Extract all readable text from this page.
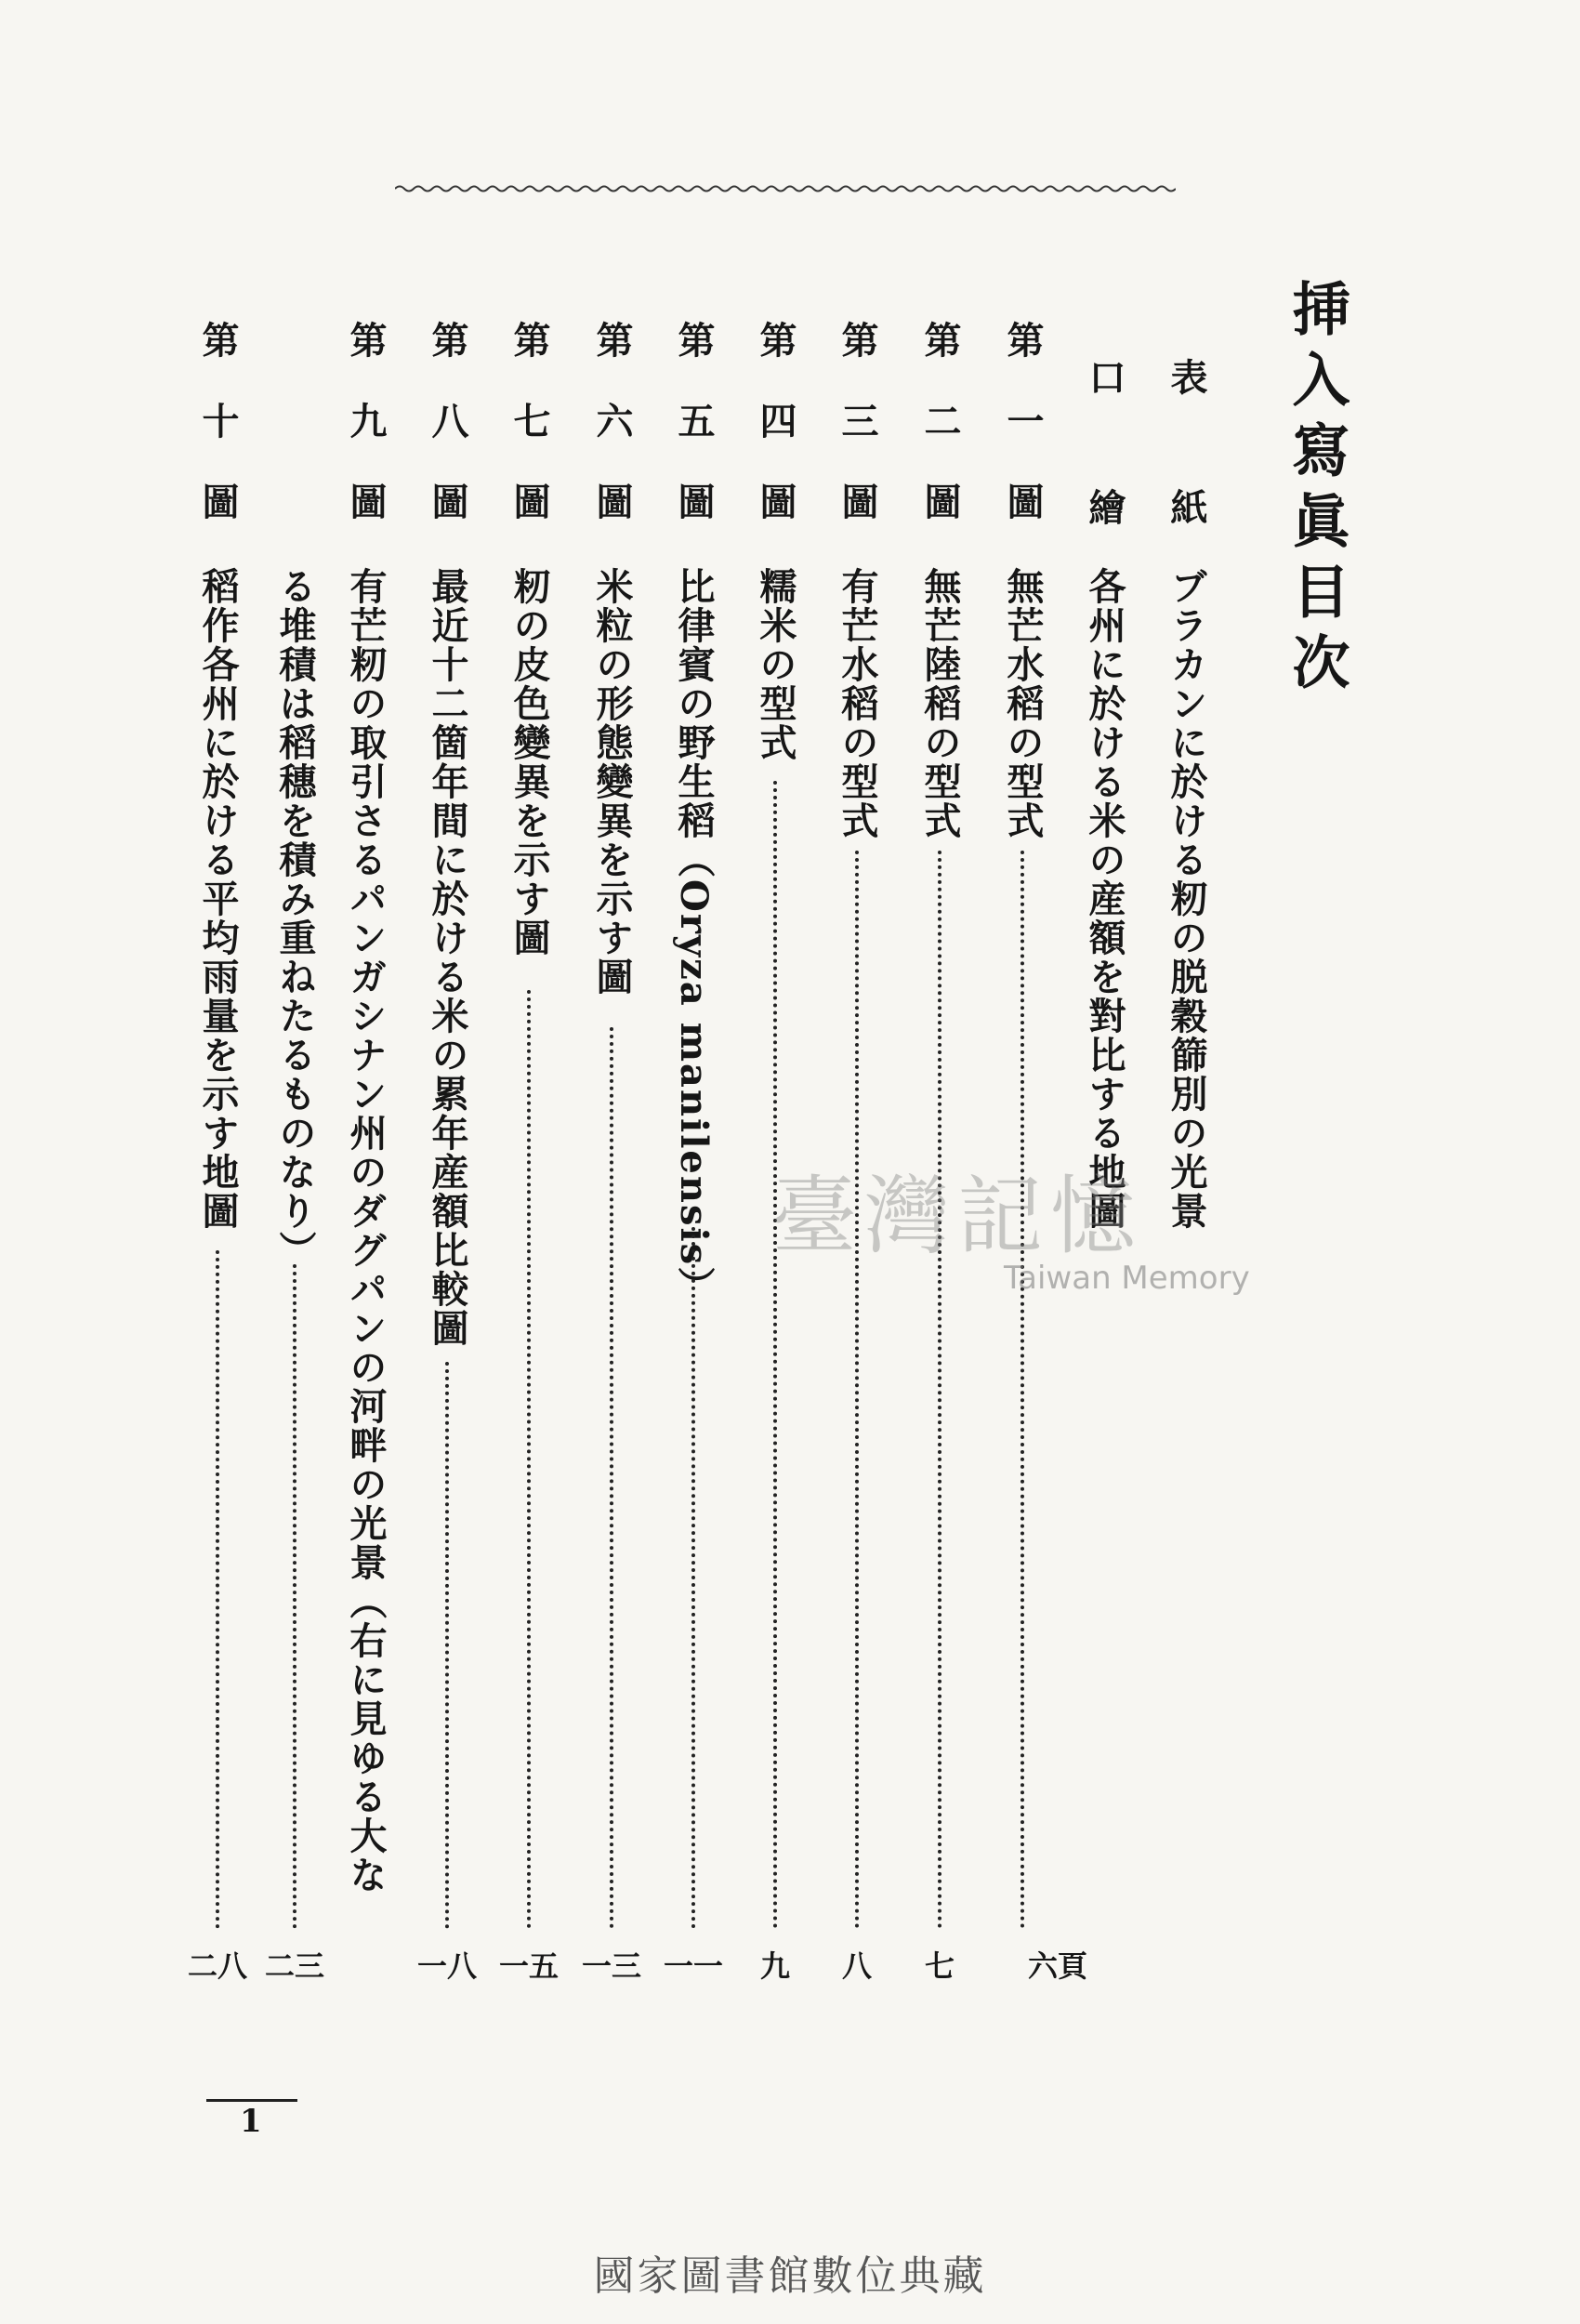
挿入寫眞目次
表紙
ブラカンに於ける籾の脱穀篩別の光景
口繪
各州に於ける米の産額を對比する地圖
第一圖
無芒水稻の型式
六頁
第二圖
無芒陸稻の型式
七
第三圖
有芒水稻の型式
八
第四圖
糯米の型式
九
第五圖
比律賓の野生稻（Oryza manilensis）
一一
第六圖
米粒の形態變異を示す圖
一三
第七圖
籾の皮色變異を示す圖
一五
第八圖
最近十二箇年間に於ける米の累年産額比較圖
一八
第九圖
有芒籾の取引さるパンガシナン州のダグパンの河畔の光景（右に見ゆる大な
る堆積は稻穗を積み重ねたるものなり）
二三
第十圖
稻作各州に於ける平均雨量を示す地圖
二八
1
臺灣記憶
Taiwan Memory
國家圖書館數位典藏
